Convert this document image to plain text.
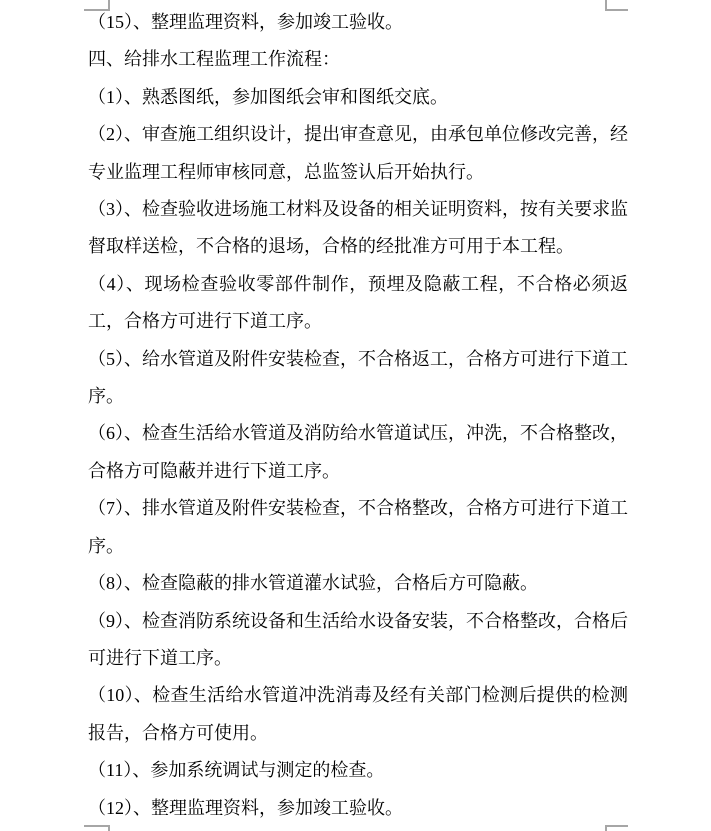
（15）、整理监理资料，参加竣工验收。

四、给排水工程监理工作流程：

（1）、熟悉图纸，参加图纸会审和图纸交底。

（2）、审查施工组织设计，提出审查意见，由承包单位修改完善，经专业监理工程师审核同意，总监签认后开始执行。

（3）、检查验收进场施工材料及设备的相关证明资料，按有关要求监督取样送检，不合格的退场，合格的经批准方可用于本工程。

（4）、现场检查验收零部件制作，预埋及隐蔽工程，不合格必须返工，合格方可进行下道工序。

（5）、给水管道及附件安装检查，不合格返工，合格方可进行下道工序。

（6）、检查生活给水管道及消防给水管道试压，冲洗，不合格整改，合格方可隐蔽并进行下道工序。

（7）、排水管道及附件安装检查，不合格整改，合格方可进行下道工序。

（8）、检查隐蔽的排水管道灌水试验，合格后方可隐蔽。

（9）、检查消防系统设备和生活给水设备安装，不合格整改，合格后可进行下道工序。

（10）、检查生活给水管道冲洗消毒及经有关部门检测后提供的检测报告，合格方可使用。

（11）、参加系统调试与测定的检查。

（12）、整理监理资料，参加竣工验收。
